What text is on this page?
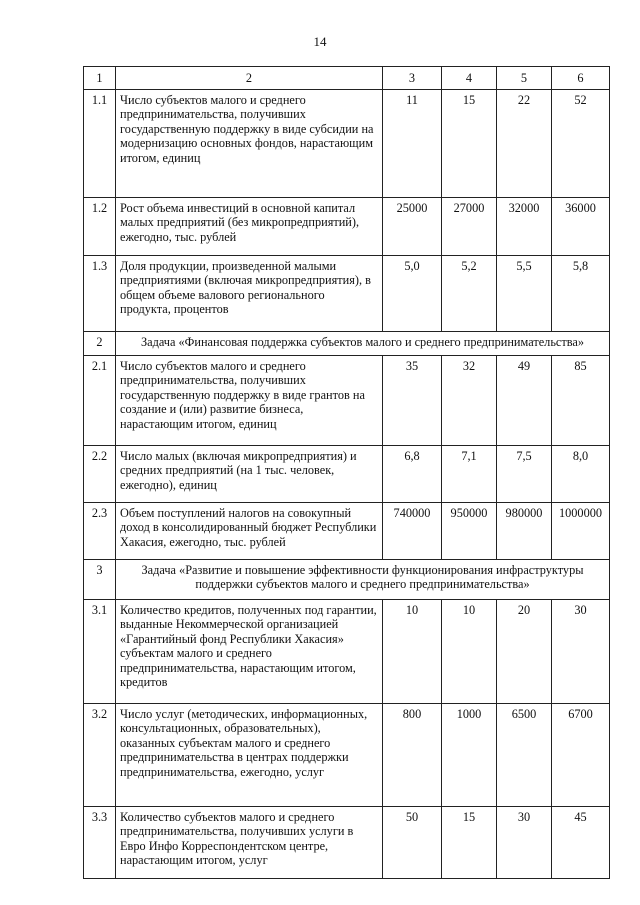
14
1	2	3	4	5	6
1.1	Число субъектов малого и среднего предпринимательства, получивших государственную поддержку в виде субсидии на модернизацию основных фондов, нарастающим итогом, единиц	11	15	22	52
1.2	Рост объема инвестиций в основной капитал малых предприятий (без микропредприятий), ежегодно, тыс. рублей	25000	27000	32000	36000
1.3	Доля продукции, произведенной малыми предприятиями (включая микропредприятия), в общем объеме валового регионального продукта, процентов	5,0	5,2	5,5	5,8
2	Задача «Финансовая поддержка субъектов малого и среднего предпринимательства»				
2.1	Число субъектов малого и среднего предпринимательства, получивших государственную поддержку в виде грантов на создание и (или) развитие бизнеса, нарастающим итогом, единиц	35	32	49	85
2.2	Число малых (включая микропредприятия) и средних предприятий (на 1 тыс. человек, ежегодно), единиц	6,8	7,1	7,5	8,0
2.3	Объем поступлений налогов на совокупный доход в консолидированный бюджет Республики Хакасия, ежегодно, тыс. рублей	740000	950000	980000	1000000
3	Задача «Развитие и повышение эффективности функционирования инфраструктуры поддержки субъектов малого и среднего предпринимательства»				
3.1	Количество кредитов, полученных под гарантии, выданные Некоммерческой организацией «Гарантийный фонд Республики Хакасия» субъектам малого и среднего предпринимательства, нарастающим итогом, кредитов	10	10	20	30
3.2	Число услуг (методических, информационных, консультационных, образовательных), оказанных субъектам малого и среднего предпринимательства в центрах поддержки предпринимательства, ежегодно, услуг	800	1000	6500	6700
3.3	Количество субъектов малого и среднего предпринимательства, получивших услуги в Евро Инфо Корреспондентском центре, нарастающим итогом, услуг	50	15	30	45
